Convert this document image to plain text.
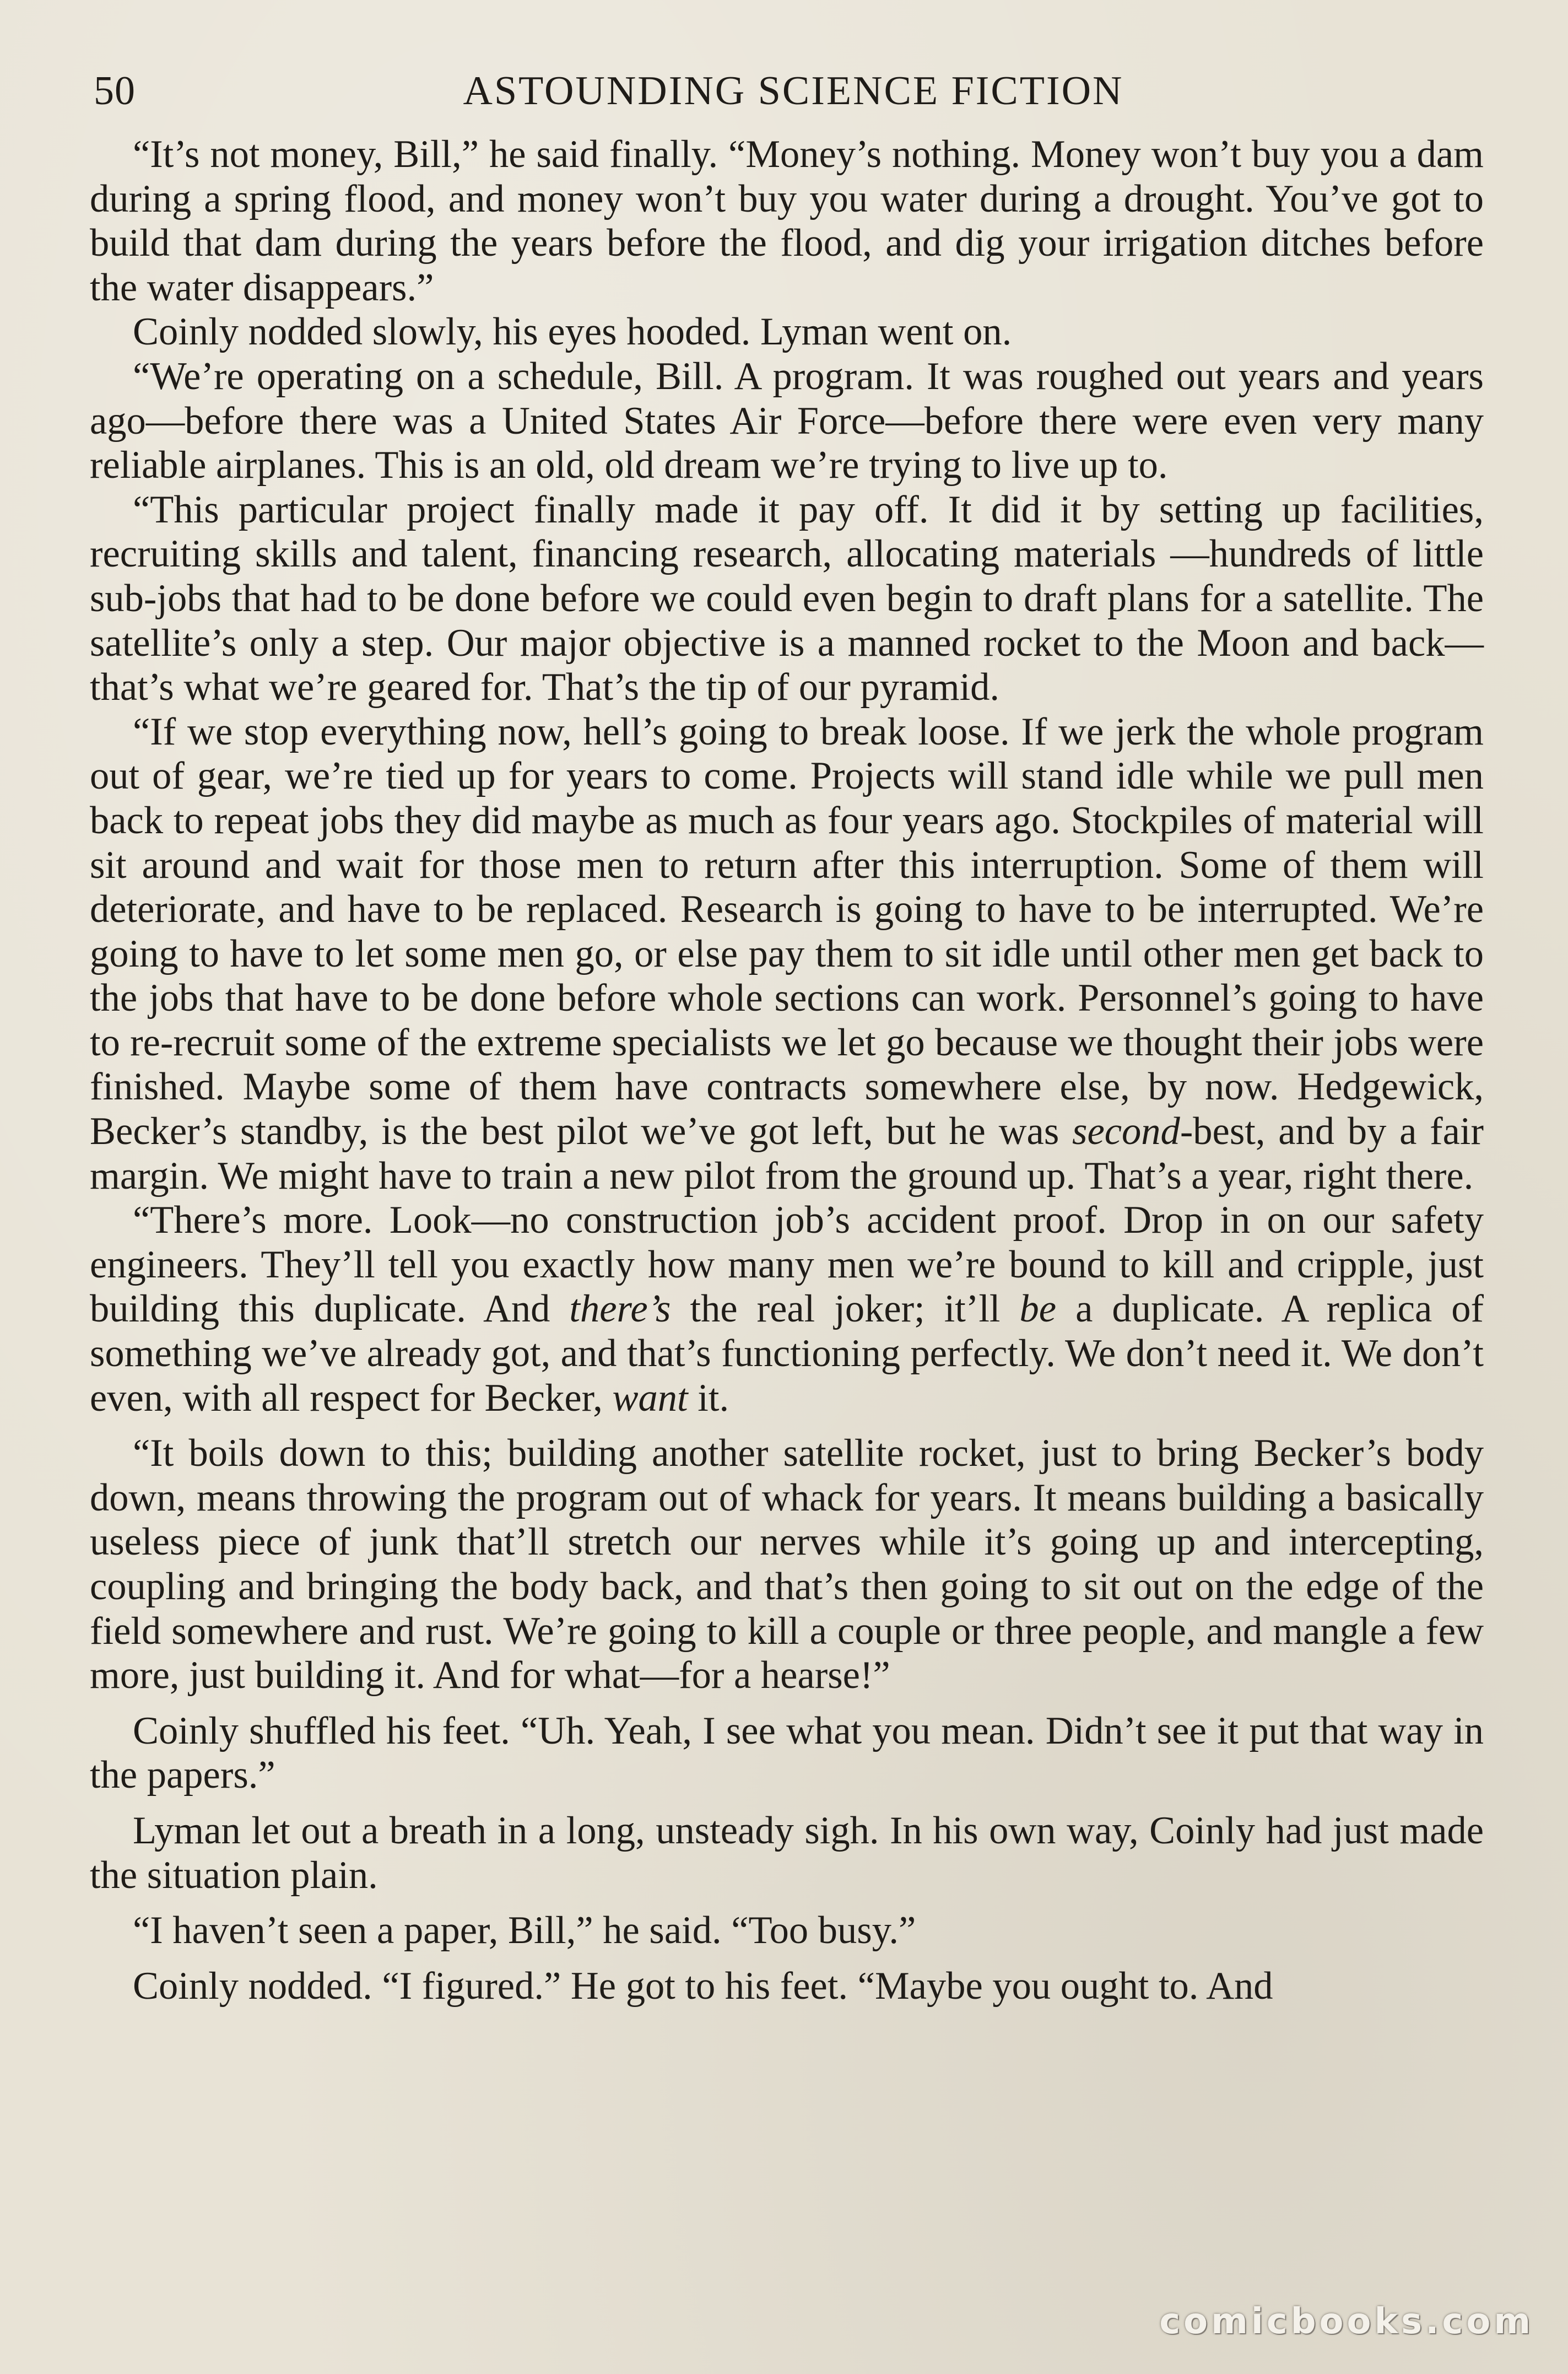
50	ASTOUNDING SCIENCE FICTION

“It’s not money, Bill,” he said finally. “Money’s nothing. Money won’t buy you a dam during a spring flood, and money won’t buy you water during a drought. You’ve got to build that dam during the years before the flood, and dig your irrigation ditches before the water disappears.”

Coinly nodded slowly, his eyes hooded. Lyman went on.

“We’re operating on a schedule, Bill. A program. It was roughed out years and years ago—before there was a United States Air Force—before there were even very many reliable airplanes. This is an old, old dream we’re trying to live up to.

“This particular project finally made it pay off. It did it by setting up facilities, recruiting skills and talent, financing research, allocating materials —hundreds of little sub-jobs that had to be done before we could even begin to draft plans for a satellite. The satellite’s only a step. Our major objective is a manned rocket to the Moon and back—that’s what we’re geared for. That’s the tip of our pyramid.

“If we stop everything now, hell’s going to break loose. If we jerk the whole program out of gear, we’re tied up for years to come. Projects will stand idle while we pull men back to repeat jobs they did maybe as much as four years ago. Stockpiles of material will sit around and wait for those men to return after this interruption. Some of them will deteriorate, and have to be replaced. Research is going to have to be interrupted. We’re going to have to let some men go, or else pay them to sit idle until other men get back to the jobs that have to be done before whole sections can work. Personnel’s going to have to re-recruit some of the extreme specialists we let go because we thought their jobs were finished. Maybe some of them have contracts somewhere else, by now. Hedgewick, Becker’s standby, is the best pilot we’ve got left, but he was second-best, and by a fair margin. We might have to train a new pilot from the ground up. That’s a year, right there.

“There’s more. Look—no construction job’s accident proof. Drop in on our safety engineers. They’ll tell you exactly how many men we’re bound to kill and cripple, just building this duplicate. And there’s the real joker; it’ll be a duplicate. A replica of something we’ve already got, and that’s functioning perfectly. We don’t need it. We don’t even, with all respect for Becker, want it.

“It boils down to this; building another satellite rocket, just to bring Becker’s body down, means throwing the program out of whack for years. It means building a basically useless piece of junk that’ll stretch our nerves while it’s going up and intercepting, coupling and bringing the body back, and that’s then going to sit out on the edge of the field somewhere and rust. We’re going to kill a couple or three people, and mangle a few more, just building it. And for what—for a hearse!”

Coinly shuffled his feet. “Uh. Yeah, I see what you mean. Didn’t see it put that way in the papers.”

Lyman let out a breath in a long, unsteady sigh. In his own way, Coinly had just made the situation plain.

“I haven’t seen a paper, Bill,” he said. “Too busy.”

Coinly nodded. “I figured.” He got to his feet. “Maybe you ought to. And

comicbooks.com
